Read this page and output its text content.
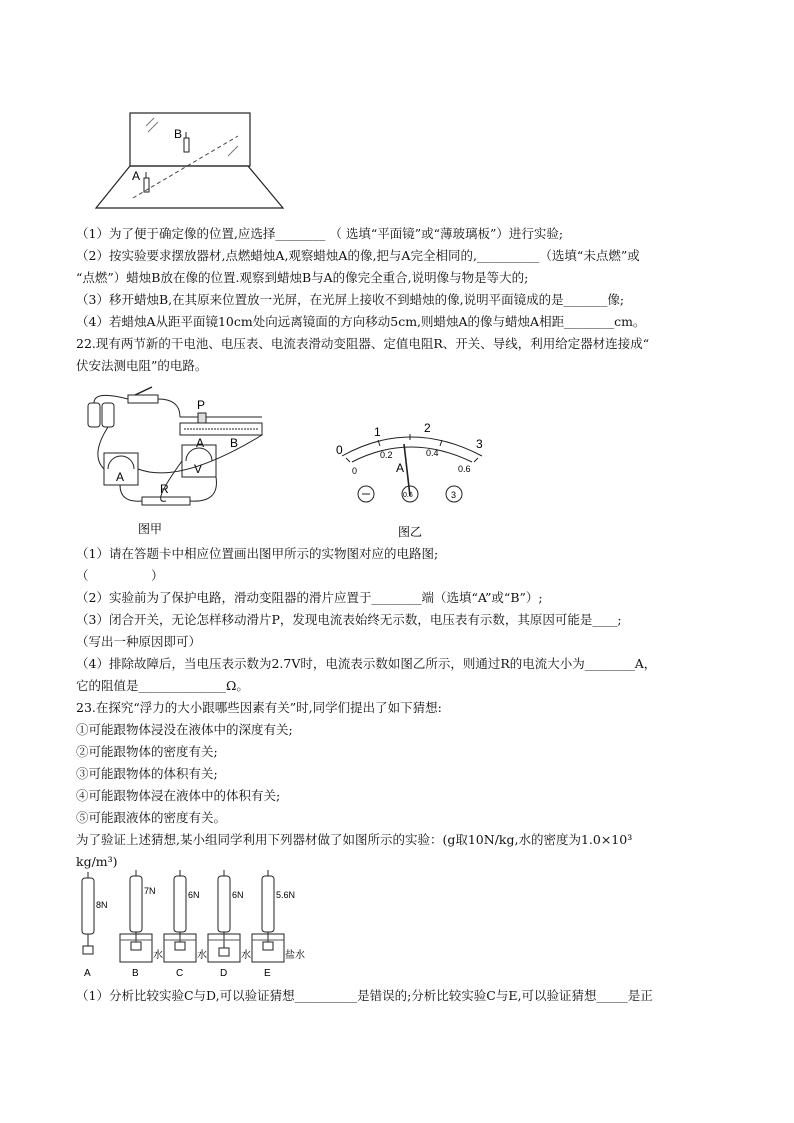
A
B
（1）为了便于确定像的位置,应选择________ （ 选填“平面镜”或“薄玻璃板”）进行实验;
（2）按实验要求摆放器材,点燃蜡烛A,观察蜡烛A的像,把与A完全相同的,__________（选填“未点燃”或
“点燃”）蜡烛B放在像的位置.观察到蜡烛B与A的像完全重合,说明像与物是等大的;
（3）移开蜡烛B,在其原来位置放一光屏，在光屏上接收不到蜡烛的像,说明平面镜成的是_______像;
（4）若蜡烛A从距平面镜10cm处向远离镜面的方向移动5cm,则蜡烛A的像与蜡烛A相距________cm。
22.现有两节新的干电池、电压表、电流表滑动变阻器、定值电阻R、开关、导线，利用给定器材连接成“
伏安法测电阻”的电路。
P
A B
A
V
R
图甲
1	2
3
0
0
0.2	0.4
0.6
A
0.6	3
图乙
（1）请在答题卡中相应位置画出图甲所示的实物图对应的电路图;
（　　　　　）
（2）实验前为了保护电路，滑动变阻器的滑片应置于________端（选填“A”或“B”）;
（3）闭合开关，无论怎样移动滑片P，发现电流表始终无示数，电压表有示数，其原因可能是____;
（写出一种原因即可）
（4）排除故障后，当电压表示数为2.7V时，电流表示数如图乙所示，则通过R的电流大小为________A，
它的阻值是______________Ω。
23.在探究“浮力的大小跟哪些因素有关”时,同学们提出了如下猜想:
①可能跟物体浸没在液体中的深度有关;
②可能跟物体的密度有关;
③可能跟物体的体积有关;
④可能跟物体浸在液体中的体积有关;
⑤可能跟液体的密度有关。
为了验证上述猜想,某小组同学利用下列器材做了如图所示的实验：(g取10N/kg,水的密度为1.0×10³
kg/m³)
8N
7N	6N	6N	5.6N
水	水	水	盐水
A	B	C	D	E
（1）分析比较实验C与D,可以验证猜想__________是错误的;分析比较实验C与E,可以验证猜想_____是正
